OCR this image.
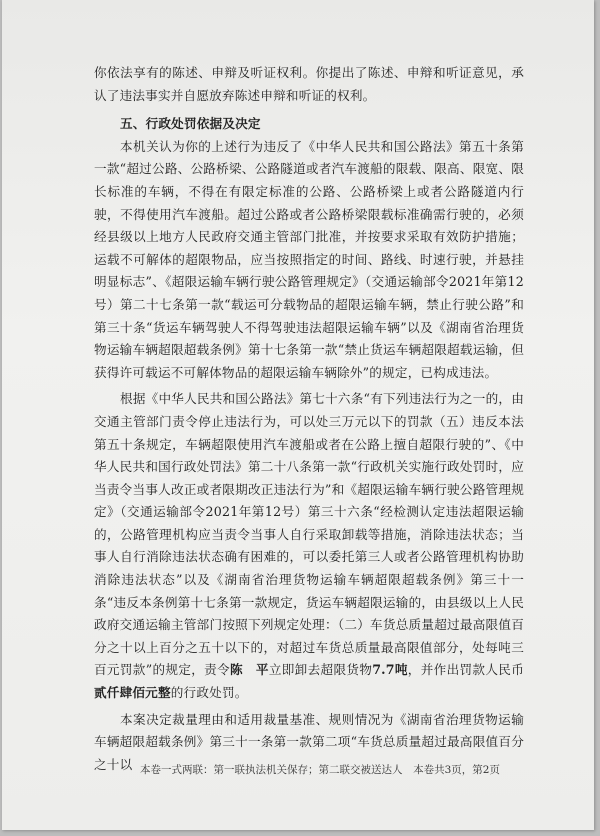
你依法享有的陈述、申辩及听证权利。你提出了陈述、申辩和听证意见，承认了违法事实并自愿放弃陈述申辩和听证的权利。

五、行政处罚依据及决定

本机关认为你的上述行为违反了《中华人民共和国公路法》第五十条第一款“超过公路、公路桥梁、公路隧道或者汽车渡船的限载、限高、限宽、限长标准的车辆，不得在有限定标准的公路、公路桥梁上或者公路隧道内行驶，不得使用汽车渡船。超过公路或者公路桥梁限载标准确需行驶的，必须经县级以上地方人民政府交通主管部门批准，并按要求采取有效防护措施；运载不可解体的超限物品，应当按照指定的时间、路线、时速行驶，并悬挂明显标志”、《超限运输车辆行驶公路管理规定》（交通运输部令2021年第12号）第二十七条第一款“载运可分载物品的超限运输车辆，禁止行驶公路”和第三十条“货运车辆驾驶人不得驾驶违法超限运输车辆”以及《湖南省治理货物运输车辆超限超载条例》第十七条第一款“禁止货运车辆超限超载运输，但获得许可载运不可解体物品的超限运输车辆除外”的规定，已构成违法。

根据《中华人民共和国公路法》第七十六条“有下列违法行为之一的，由交通主管部门责令停止违法行为，可以处三万元以下的罚款（五）违反本法第五十条规定，车辆超限使用汽车渡船或者在公路上擅自超限行驶的”、《中华人民共和国行政处罚法》第二十八条第一款“行政机关实施行政处罚时，应当责令当事人改正或者限期改正违法行为”和《超限运输车辆行驶公路管理规定》（交通运输部令2021年第12号）第三十六条“经检测认定违法超限运输的，公路管理机构应当责令当事人自行采取卸载等措施，消除违法状态；当事人自行消除违法状态确有困难的，可以委托第三人或者公路管理机构协助消除违法状态”以及《湖南省治理货物运输车辆超限超载条例》第三十一条“违反本条例第十七条第一款规定，货运车辆超限运输的，由县级以上人民政府交通运输主管部门按照下列规定处理：（二）车货总质量超过最高限值百分之十以上百分之五十以下的，对超过车货总质量最高限值部分，处每吨三百元罚款”的规定，责令陈　平立即卸去超限货物7.7吨，并作出罚款人民币贰仟肆佰元整的行政处罚。

本案决定裁量理由和适用裁量基准、规则情况为《湖南省治理货物运输车辆超限超载条例》第三十一条第一款第二项“车货总质量超过最高限值百分之十以 本卷一式两联：第一联执法机关保存；第二联交被送达人 本卷共3页，第2页
